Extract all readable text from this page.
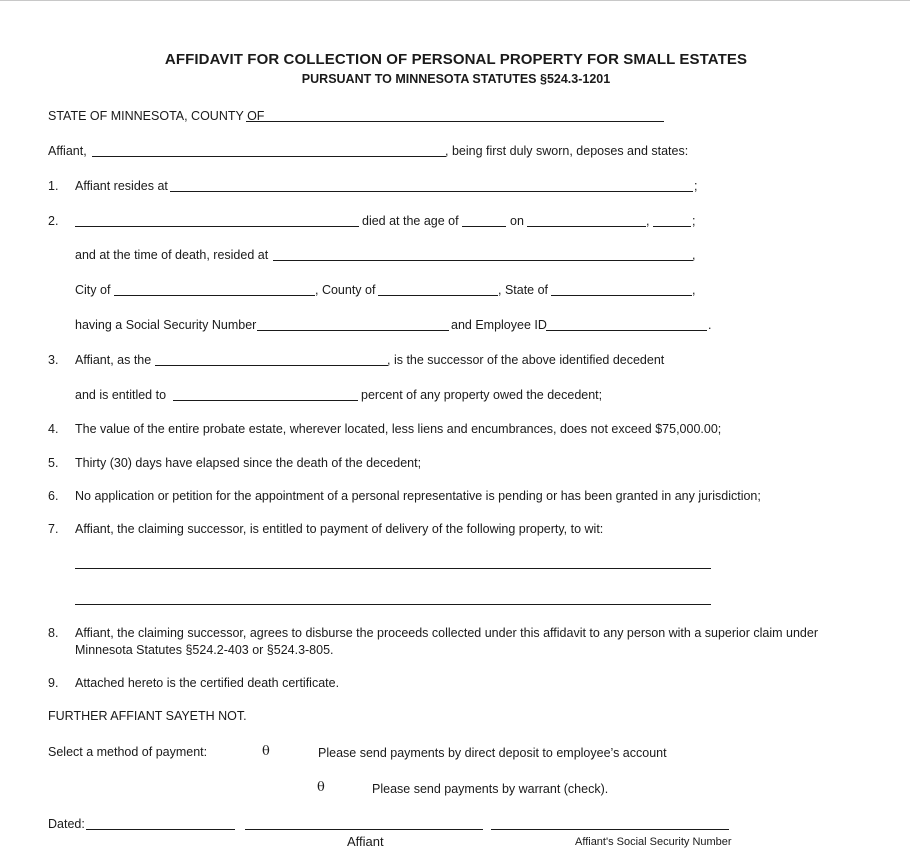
AFFIDAVIT FOR COLLECTION OF PERSONAL PROPERTY FOR SMALL ESTATES
PURSUANT TO MINNESOTA STATUTES §524.3-1201
STATE OF MINNESOTA, COUNTY OF
Affiant,	, being first duly sworn, deposes and states:
1.	Affiant resides at	;
2.	died at the age of	on	,	;
and at the time of death, resided at	,
City of	, County of	, State of	,
having a Social Security Number	and Employee ID	.
3.	Affiant, as the	, is the successor of the above identified decedent
and is entitled to	percent of any property owed the decedent;
4.	The value of the entire probate estate, wherever located, less liens and encumbrances, does not exceed $75,000.00;
5.	Thirty (30) days have elapsed since the death of the decedent;
6.	No application or petition for the appointment of a personal representative is pending or has been granted in any jurisdiction;
7.	Affiant, the claiming successor, is entitled to payment of delivery of the following property, to wit:
8.	Affiant, the claiming successor, agrees to disburse the proceeds collected under this affidavit to any person with a superior claim under
Minnesota Statutes §524.2-403 or §524.3-805.
9.	Attached hereto is the certified death certificate.
FURTHER AFFIANT SAYETH NOT.
Select a method of payment:	θ	Please send payments by direct deposit to employee’s account
θ	Please send payments by warrant (check).
Dated:
Affiant	Affiant's Social Security Number
